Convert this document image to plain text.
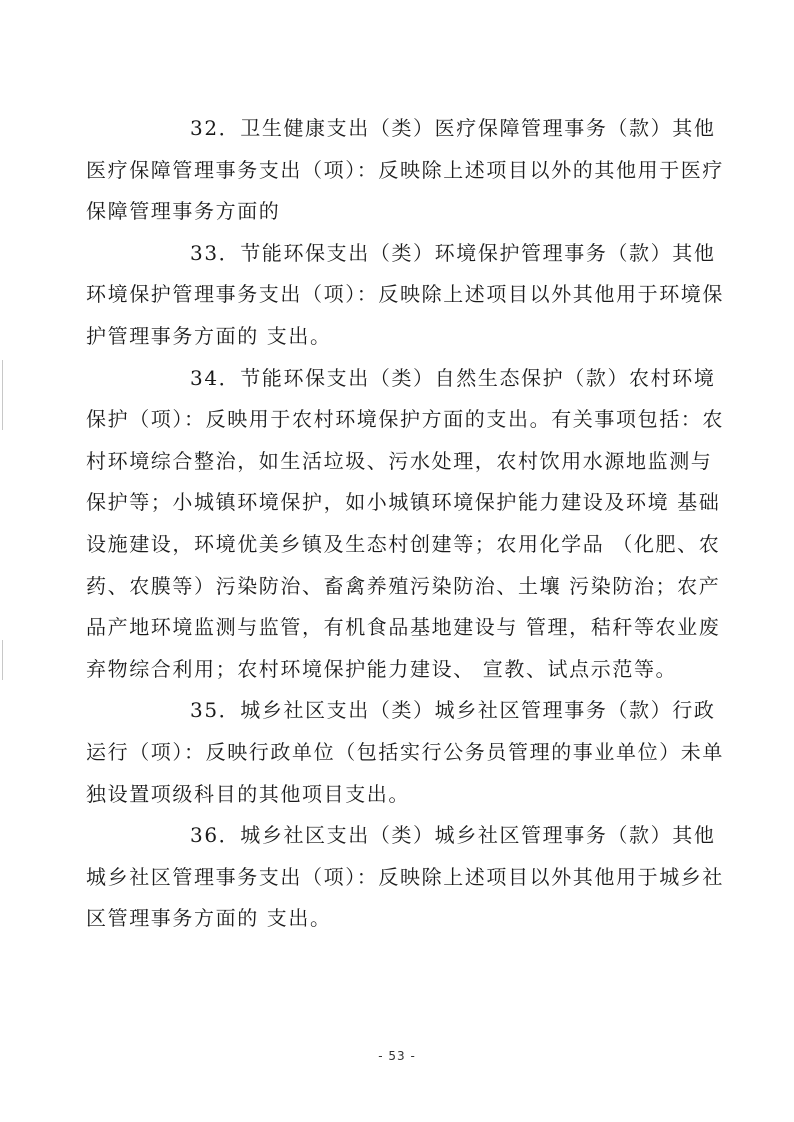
32．卫生健康支出（类）医疗保障管理事务（款）其他医疗保障管理事务支出（项）：反映除上述项目以外的其他用于医疗保障管理事务方面的

33．节能环保支出（类）环境保护管理事务（款）其他环境保护管理事务支出（项）：反映除上述项目以外其他用于环境保护管理事务方面的 支出。

34．节能环保支出（类）自然生态保护（款）农村环境保护（项）：反映用于农村环境保护方面的支出。有关事项包括：农村环境综合整治，如生活垃圾、污水处理，农村饮用水源地监测与 保护等；小城镇环境保护，如小城镇环境保护能力建设及环境 基础设施建设，环境优美乡镇及生态村创建等；农用化学品 （化肥、农药、农膜等）污染防治、畜禽养殖污染防治、土壤 污染防治；农产品产地环境监测与监管，有机食品基地建设与 管理，秸秆等农业废弃物综合利用；农村环境保护能力建设、 宣教、试点示范等。

35．城乡社区支出（类）城乡社区管理事务（款）行政运行（项）：反映行政单位（包括实行公务员管理的事业单位）未单独设置项级科目的其他项目支出。

36．城乡社区支出（类）城乡社区管理事务（款）其他城乡社区管理事务支出（项）：反映除上述项目以外其他用于城乡社区管理事务方面的 支出。

- 53 -
